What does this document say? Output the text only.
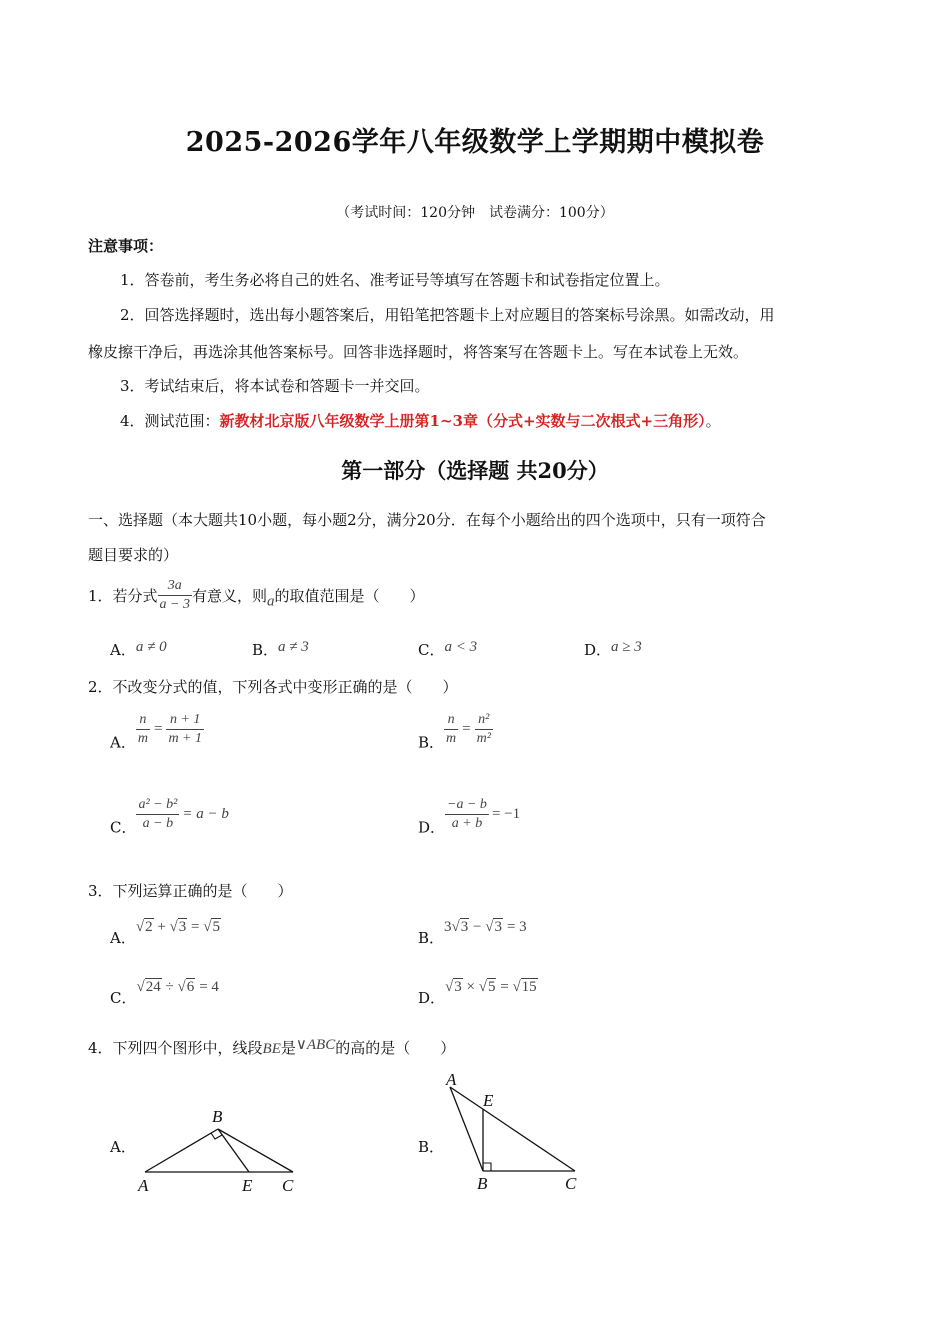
2025-2026学年八年级数学上学期期中模拟卷
（考试时间：120分钟　试卷满分：100分）
注意事项：
1．答卷前，考生务必将自己的姓名、准考证号等填写在答题卡和试卷指定位置上。
2．回答选择题时，选出每小题答案后，用铅笔把答题卡上对应题目的答案标号涂黑。如需改动，用
橡皮擦干净后，再选涂其他答案标号。回答非选择题时，将答案写在答题卡上。写在本试卷上无效。
3．考试结束后，将本试卷和答题卡一并交回。
4．测试范围：新教材北京版八年级数学上册第1~3章（分式+实数与二次根式+三角形）。
第一部分（选择题 共20分）
一、选择题（本大题共10小题，每小题2分，满分20分．在每个小题给出的四个选项中，只有一项符合
题目要求的）
1．若分式 $\frac{3a}{a - 3}$ 有意义，则a的取值范围是（　　）
A．a ≠ 0	B．a ≠ 3	C．a < 3	D．a ≥ 3
2．不改变分式的值，下列各式中变形正确的是（　　）
A． $\frac{n}{m} = \frac{n + 1}{m + 1}$	B． $\frac{n}{m} = \frac{\text{n²}}{\text{m²}}$
C． $\frac{\text{a² − b²}}{a - b} = a - b$
D． $\frac{-a - b}{a + b} = -1$
3．下列运算正确的是（　　）
A．√2 + √3 = √5
B．3√3 − √3 = 3
C．√24 ÷ √6 = 4
D．√3 × √5 = √15
4．下列四个图形中，线段BE是∨ABC的高的是（　　）
A．	B．
B
A	E C
A
E
B	C
